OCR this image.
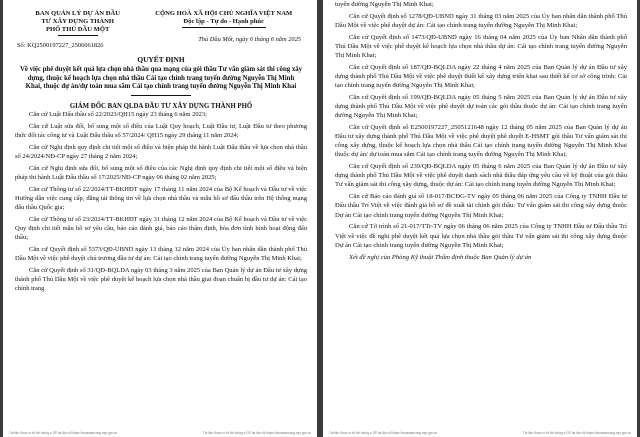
BAN QUẢN LÝ DỰ ÁN ĐẦU
TƯ XÂY DỰNG THÀNH
PHỐ THỦ DẦU MỘT
Số: KQ2500197227_2506061826
CỘNG HOÀ XÃ HỘI CHỦ NGHĨA VIỆT NAM
Độc lập - Tự do - Hạnh phúc
Thủ Dầu Một, ngày 6 tháng 6 năm 2025
QUYẾT ĐỊNH
Về việc phê duyệt kết quả lựa chọn nhà thầu qua mạng của gói thầu Tư vấn giám sát thi công xây dựng, thuộc kế hoạch lựa chọn nhà thầu Cải tạo chỉnh trang tuyến đường Nguyễn Thị Minh Khai, thuộc dự án/dự toán mua sắm Cải tạo chỉnh trang tuyến đường Nguyễn Thị Minh Khai
GIÁM ĐỐC BAN QLDA ĐẦU TƯ XÂY DỰNG THÀNH PHỐ

Căn cứ Luật Đấu thầu số 22/2023/QH15 ngày 23 tháng 6 năm 2023;

Căn cứ Luật sửa đổi, bổ sung một số điều của Luật Quy hoạch, Luật Đầu tư, Luật Đầu tư theo phương thức đối tác công tư và Luật Đấu thầu số 57/2024/ QH15 ngày 29 tháng 11 năm 2024;

Căn cứ Nghị định quy định chi tiết một số điều và biện pháp thi hành Luật Đấu thầu về lựa chọn nhà thầu số 24/2024/NĐ-CP ngày 27 tháng 2 năm 2024;

Căn cứ Nghị định sửa đổi, bổ sung một số điều của các Nghị định quy định chi tiết một số điều và biện pháp thi hành Luật Đấu thầu số 17/2025/NĐ-CP ngày 06 tháng 02 năm 2025;

Căn cứ Thông tư số 22/2024/TT-BKHĐT ngày 17 tháng 11 năm 2024 của Bộ Kế hoạch và Đầu tư về việc Hướng dẫn việc cung cấp, đăng tải thông tin về lựa chọn nhà thầu và mẫu hồ sơ đấu thầu trên Hệ thống mạng đấu thầu Quốc gia;

Căn cứ Thông tư số 23/2024/TT-BKHĐT ngày 31 tháng 12 năm 2024 của Bộ Kế hoạch và Đầu tư về việc Quy định chi tiết mẫu hồ sơ yêu cầu, báo cáo đánh giá, báo cáo thẩm định, hóa đơn tình hình hoạt động đấu thầu;

Căn cứ Quyết định số 5373/QĐ-UBND ngày 13 tháng 12 năm 2024 của Ủy ban nhân dân thành phố Thủ Dầu Một về việc phê duyệt chủ trương đầu tư dự án: Cải tạo chỉnh trang tuyến đường Nguyễn Thị Minh Khai;

Căn cứ Quyết định số 31/QĐ-BQLDA ngày 03 tháng 3 năm 2025 của Ban Quản lý dự án Đầu tư xây dựng thành phố Thủ Dầu Một về việc phê duyệt kế hoạch lựa chọn nhà thầu giai đoạn chuẩn bị đầu tư dự án: Cải tạo chỉnh trang

Tài liệu được in từ Hệ thống e-GP tại địa chỉ https://muasamcong.mpi.gov.vn	Tài liệu được in từ Hệ thống e-GP tại địa chỉ https://muasamcong.mpi.gov.vn

tuyến đường Nguyễn Thị Minh Khai;

Căn cứ Quyết định số 1278/QĐ-UBND ngày 31 tháng 03 năm 2025 của Ủy ban nhân dân thành phố Thủ Dầu Một về việc phê duyệt dự án: Cải tạo chỉnh trang tuyến đường Nguyễn Thị Minh Khai;

Căn cứ Quyết định số 1473/QĐ-UBND ngày 16 tháng 04 năm 2025 của Ủy ban Nhân dân thành phố Thủ Dầu Một về việc phê duyệt kế hoạch lựa chọn nhà thầu dự án: Cải tạo chỉnh trang tuyến đường Nguyễn Thị Minh Khai;

Căn cứ Quyết định số 187/QĐ-BQLDA ngày 22 tháng 4 năm 2025 của Ban Quản lý dự án Đầu tư xây dựng thành phố Thủ Dầu Một về việc phê duyệt thiết kế xây dựng triển khai sau thiết kế cơ sở công trình: Cải tạo chỉnh trang tuyến đường Nguyễn Thị Minh Khai;

Căn cứ Quyết định số 199/QĐ-BQLDA ngày 05 tháng 5 năm 2025 của Ban Quản lý dự án Đầu tư xây dựng thành phố Thủ Dầu Một về việc phê duyệt dự toán các gói thầu thuộc dự án: Cải tạo chỉnh trang tuyến đường Nguyễn Thị Minh Khai;

Căn cứ Quyết định số E2500197227_2505121648 ngày 12 tháng 05 năm 2025 của Ban Quản lý dự án Đầu tư xây dựng thành phố Thủ Dầu Một về việc phê duyệt phê duyệt E-HSMT gói thầu Tư vấn giám sát thi công xây dựng, thuộc kế hoạch lựa chọn nhà thầu Cải tạo chỉnh trang tuyến đường Nguyễn Thị Minh Khai thuộc dự án/ dự toán mua sắm Cải tạo chỉnh trang tuyến đường Nguyễn Thị Minh Khai;

Căn cứ Quyết định số 239/QĐ-BQLDA ngày 05 tháng 6 năm 2025 của Ban Quản lý dự án Đầu tư xây dựng thành phố Thủ Dầu Một về việc phê duyệt danh sách nhà thầu đáp ứng yêu cầu về kỹ thuật của gói thầu Tư vấn giám sát thi công xây dựng, thuộc dự án: Cải tạo chỉnh trang tuyến đường Nguyễn Thị Minh Khai;

Căn cứ Báo cáo đánh giá số 18-017/BCĐG-TV ngày 05 tháng 06 năm 2025 của Công ty TNHH Đầu tư Đấu thầu Trí Việt về việc đánh giá hồ sơ đề xuất tài chính gói thầu: Tư vấn giám sát thi công xây dựng thuộc Dự án Cải tạo chỉnh trang tuyến đường Nguyễn Thị Minh Khai;

Căn cứ Tờ trình số 21-017/TTr-TV ngày 06 tháng 06 năm 2025 của Công ty TNHH Đầu tư Đấu thầu Trí Việt về việc đề nghị phê duyệt kết quả lựa chọn nhà thầu gói thầu Tư vấn giám sát thi công xây dựng thuộc Dự án Cải tạo chỉnh trang tuyến đường Nguyễn Thị Minh Khai;

Xét đề nghị của Phòng Kỹ thuật Thẩm định thuộc Ban Quản lý dự án

Tài liệu được in từ Hệ thống e-GP tại địa chỉ https://muasamcong.mpi.gov.vn	Tài liệu được in từ Hệ thống e-GP tại địa chỉ https://muasamcong.mpi.gov.vn
